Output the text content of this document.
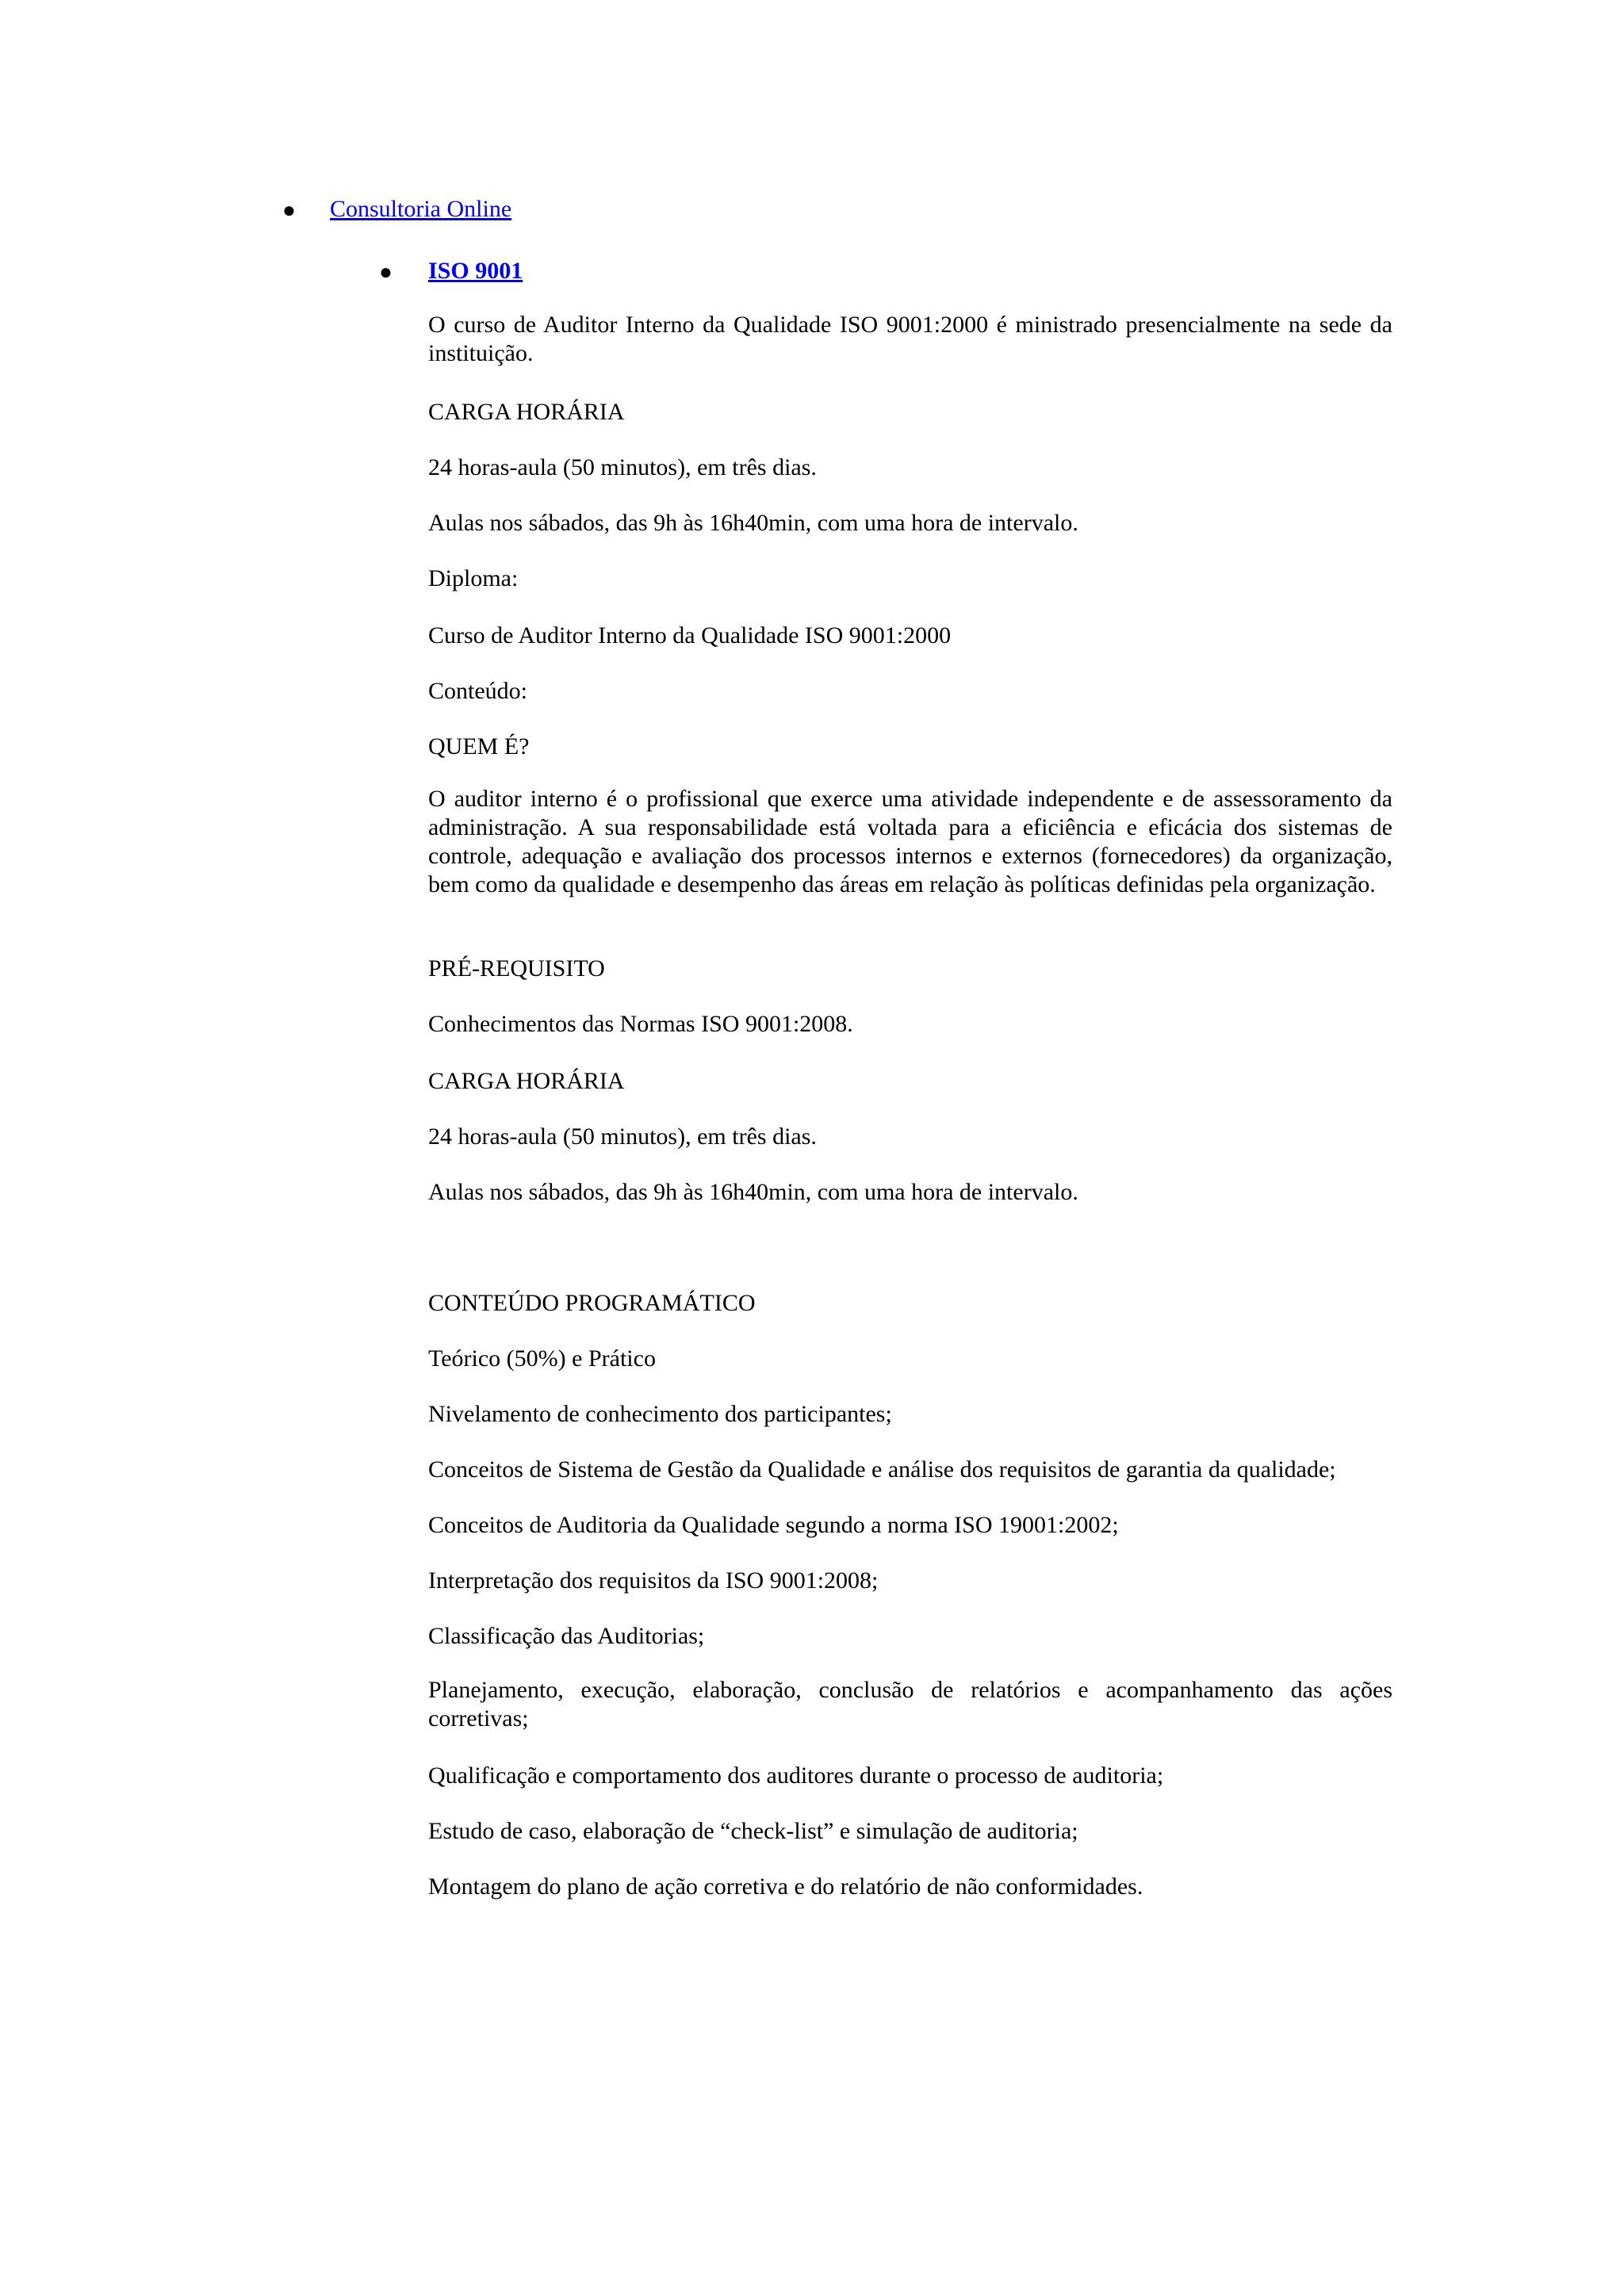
● Consultoria Online
● ISO 9001

O curso de Auditor Interno da Qualidade ISO 9001:2000 é ministrado presencialmente na sede da instituição.

CARGA HORÁRIA

24 horas-aula (50 minutos), em três dias.

Aulas nos sábados, das 9h às 16h40min, com uma hora de intervalo.

Diploma:

Curso de Auditor Interno da Qualidade ISO 9001:2000

Conteúdo:

QUEM É?

O auditor interno é o profissional que exerce uma atividade independente e de assessoramento da administração. A sua responsabilidade está voltada para a eficiência e eficácia dos sistemas de controle, adequação e avaliação dos processos internos e externos (fornecedores) da organização, bem como da qualidade e desempenho das áreas em relação às políticas definidas pela organização.

PRÉ-REQUISITO

Conhecimentos das Normas ISO 9001:2008.

CARGA HORÁRIA

24 horas-aula (50 minutos), em três dias.

Aulas nos sábados, das 9h às 16h40min, com uma hora de intervalo.

CONTEÚDO PROGRAMÁTICO

Teórico (50%) e Prático

Nivelamento de conhecimento dos participantes;

Conceitos de Sistema de Gestão da Qualidade e análise dos requisitos de garantia da qualidade;

Conceitos de Auditoria da Qualidade segundo a norma ISO 19001:2002;

Interpretação dos requisitos da ISO 9001:2008;

Classificação das Auditorias;

Planejamento, execução, elaboração, conclusão de relatórios e acompanhamento das ações corretivas;

Qualificação e comportamento dos auditores durante o processo de auditoria;

Estudo de caso, elaboração de “check-list” e simulação de auditoria;

Montagem do plano de ação corretiva e do relatório de não conformidades.
